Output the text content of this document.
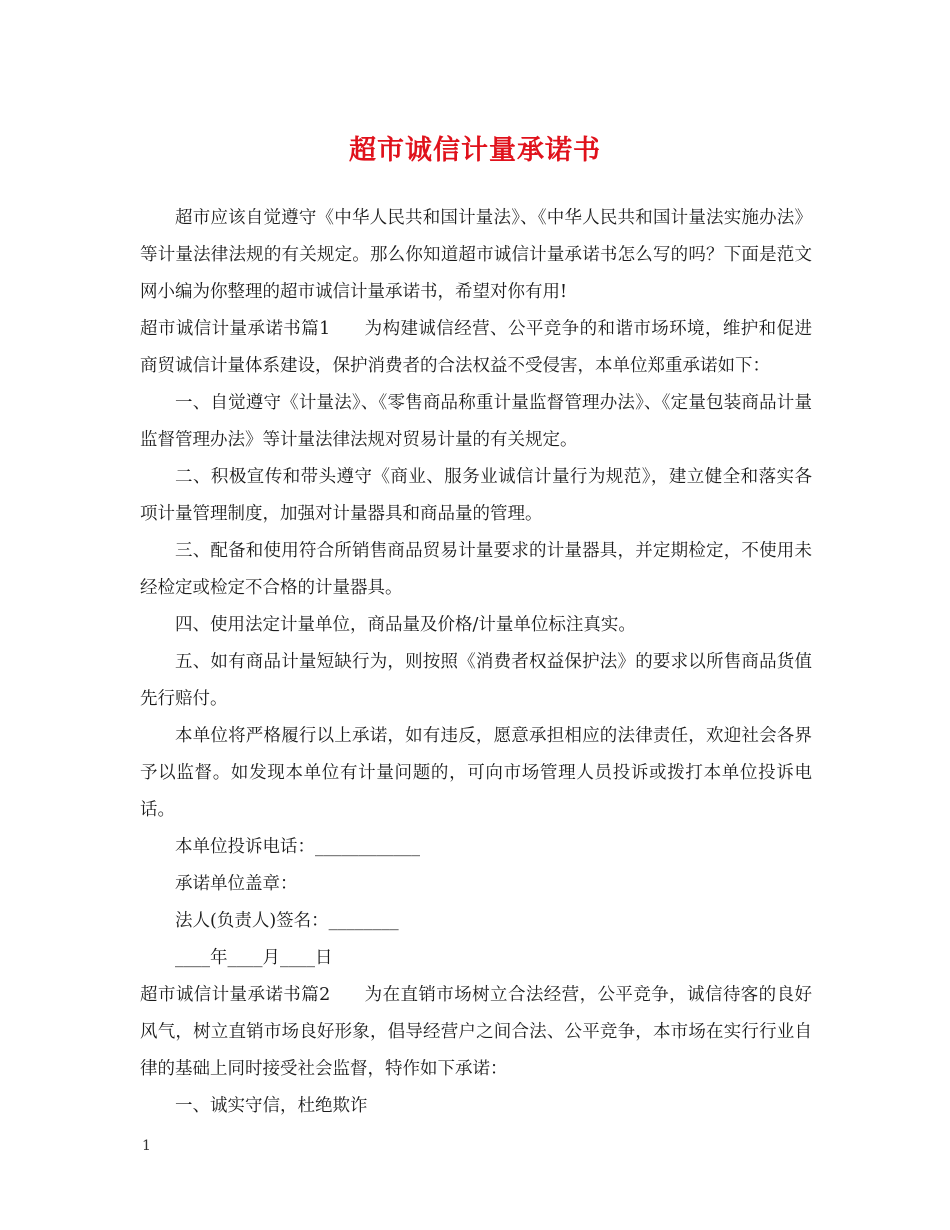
超市诚信计量承诺书

超市应该自觉遵守《中华人民共和国计量法》、《中华人民共和国计量法实施办法》等计量法律法规的有关规定。那么你知道超市诚信计量承诺书怎么写的吗？下面是范文网小编为你整理的超市诚信计量承诺书，希望对你有用!

超市诚信计量承诺书篇1 为构建诚信经营、公平竞争的和谐市场环境，维护和促进商贸诚信计量体系建设，保护消费者的合法权益不受侵害，本单位郑重承诺如下：

一、自觉遵守《计量法》、《零售商品称重计量监督管理办法》、《定量包装商品计量监督管理办法》等计量法律法规对贸易计量的有关规定。

二、积极宣传和带头遵守《商业、服务业诚信计量行为规范》，建立健全和落实各项计量管理制度，加强对计量器具和商品量的管理。

三、配备和使用符合所销售商品贸易计量要求的计量器具，并定期检定，不使用未经检定或检定不合格的计量器具。

四、使用法定计量单位，商品量及价格/计量单位标注真实。

五、如有商品计量短缺行为，则按照《消费者权益保护法》的要求以所售商品货值先行赔付。

本单位将严格履行以上承诺，如有违反，愿意承担相应的法律责任，欢迎社会各界予以监督。如发现本单位有计量问题的，可向市场管理人员投诉或拨打本单位投诉电话。

本单位投诉电话：____________

承诺单位盖章：

法人(负责人)签名：________

____年____月____日

超市诚信计量承诺书篇2 为在直销市场树立合法经营，公平竞争，诚信待客的良好风气，树立直销市场良好形象，倡导经营户之间合法、公平竞争，本市场在实行行业自律的基础上同时接受社会监督，特作如下承诺：

一、诚实守信，杜绝欺诈

1
